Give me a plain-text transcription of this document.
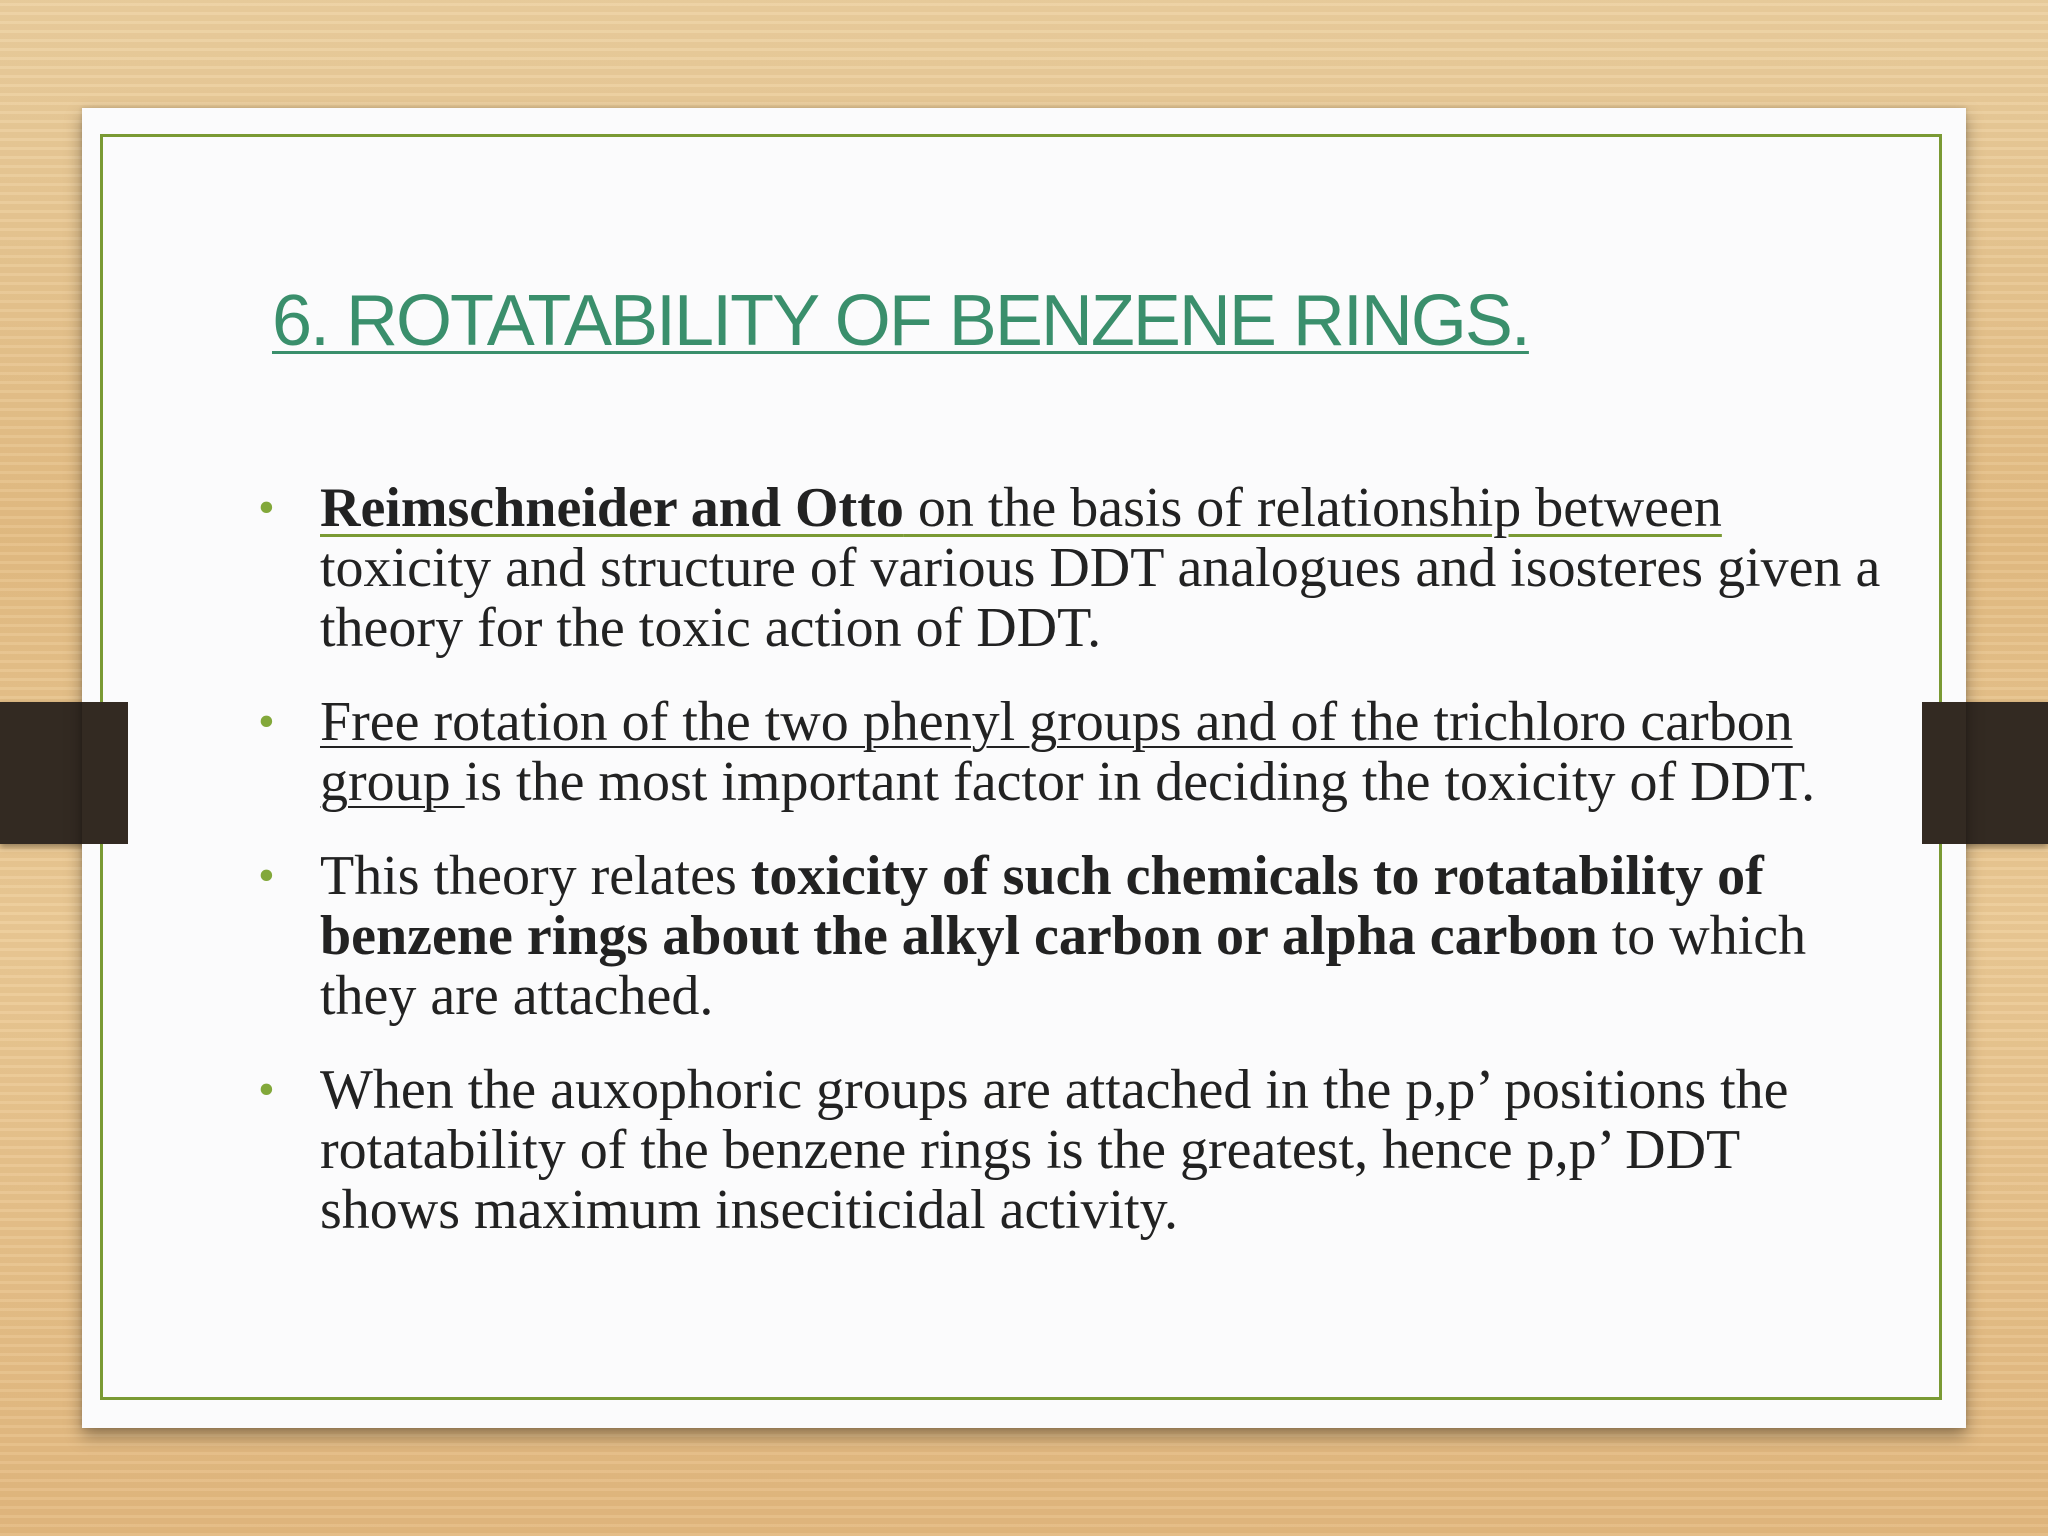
6. ROTATABILITY OF BENZENE RINGS.
• Reimschneider and Otto on the basis of relationship between toxicity and structure of various DDT analogues and isosteres given a theory for the toxic action of DDT.
• Free rotation of the two phenyl groups and of the trichloro carbon group is the most important factor in deciding the toxicity of DDT.
• This theory relates toxicity of such chemicals to rotatability of benzene rings about the alkyl carbon or alpha carbon to which they are attached.
• When the auxophoric groups are attached in the p,p’ positions the rotatability of the benzene rings is the greatest, hence p,p’ DDT shows maximum inseciticidal activity.
